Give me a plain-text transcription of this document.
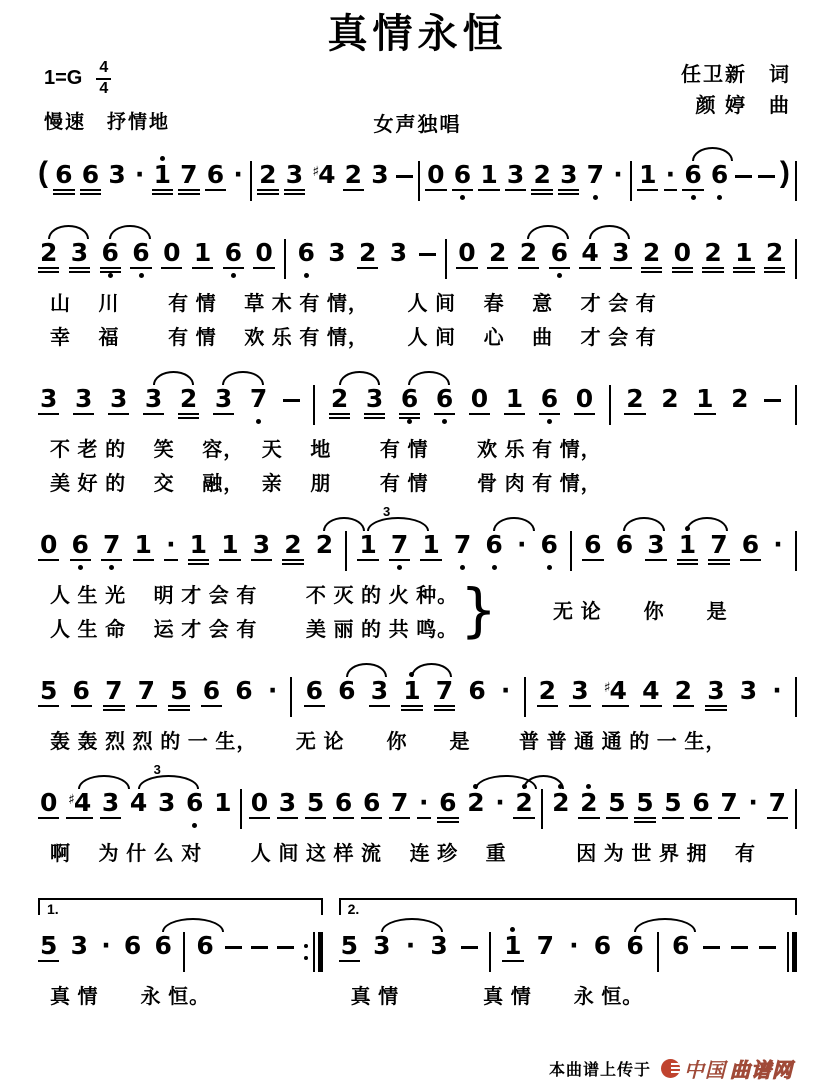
真情永恒
$1=G \frac{4}{4}$
慢速　抒情地
任卫新　词
颜 婷　曲
女声独唱
( 6 6 3 · 1 7 6 · 2 3 ♯4 2 3 0 6 1 3 2 3 7 · 1 · 6 6 )
2 3 6 6 0 1 6 0 6 3 2 3 0 2 2 6 4 3 2 0 2 1 2
山　 川　　 有 情　 草 木 有 情，　　 人 间　 春　 意　 才 会 有
幸　 福　　 有 情　 欢 乐 有 情，　　 人 间　 心　 曲　 才 会 有
3 3 3 3 2 3 7	2 3 6 6 0 1 6 0 2 2 1 2
不 老 的　 笑　 容，　 天　 地　　 有 情　　 欢 乐 有 情，
美 好 的　 交　 融，　 亲　 朋　　 有 情　　 骨 肉 有 情，
0 6 7 1 · 1 1 3 2 2 1
3
7 1 7 6 · 6 6 6 3 1 7 6 ·
人 生 光　 明 才 会 有　　 不 灭 的 火 种。
人 生 命　 运 才 会 有　　 美 丽 的 共 鸣。 }	无 论　　你　　是
5 6 7 7 5 6 6 · 6 6 3 1 7 6 · 2 3 ♯4 4 2 3 3 ·
轰 轰 烈 烈 的 一 生，　　 无 论　　你　　是　　 普 普 通 通 的 一 生，
0 ♯4 3 4
3
3 6 1 0 3 5 6 6 7 · 6 2 · 2 2 2 5 5 5 6 7 · 7
啊　 为 什 么 对　　 人 间 这 样 流　 连 珍　 重　　　 因 为 世 界 拥　 有
1.
5 3 · 6 6 6
真 情　　永 恒。
2.
5 3 · 3 1 7 · 6 6 6
真 情　　　　真 情　　永 恒。
本曲谱上传于 中国 曲谱网
